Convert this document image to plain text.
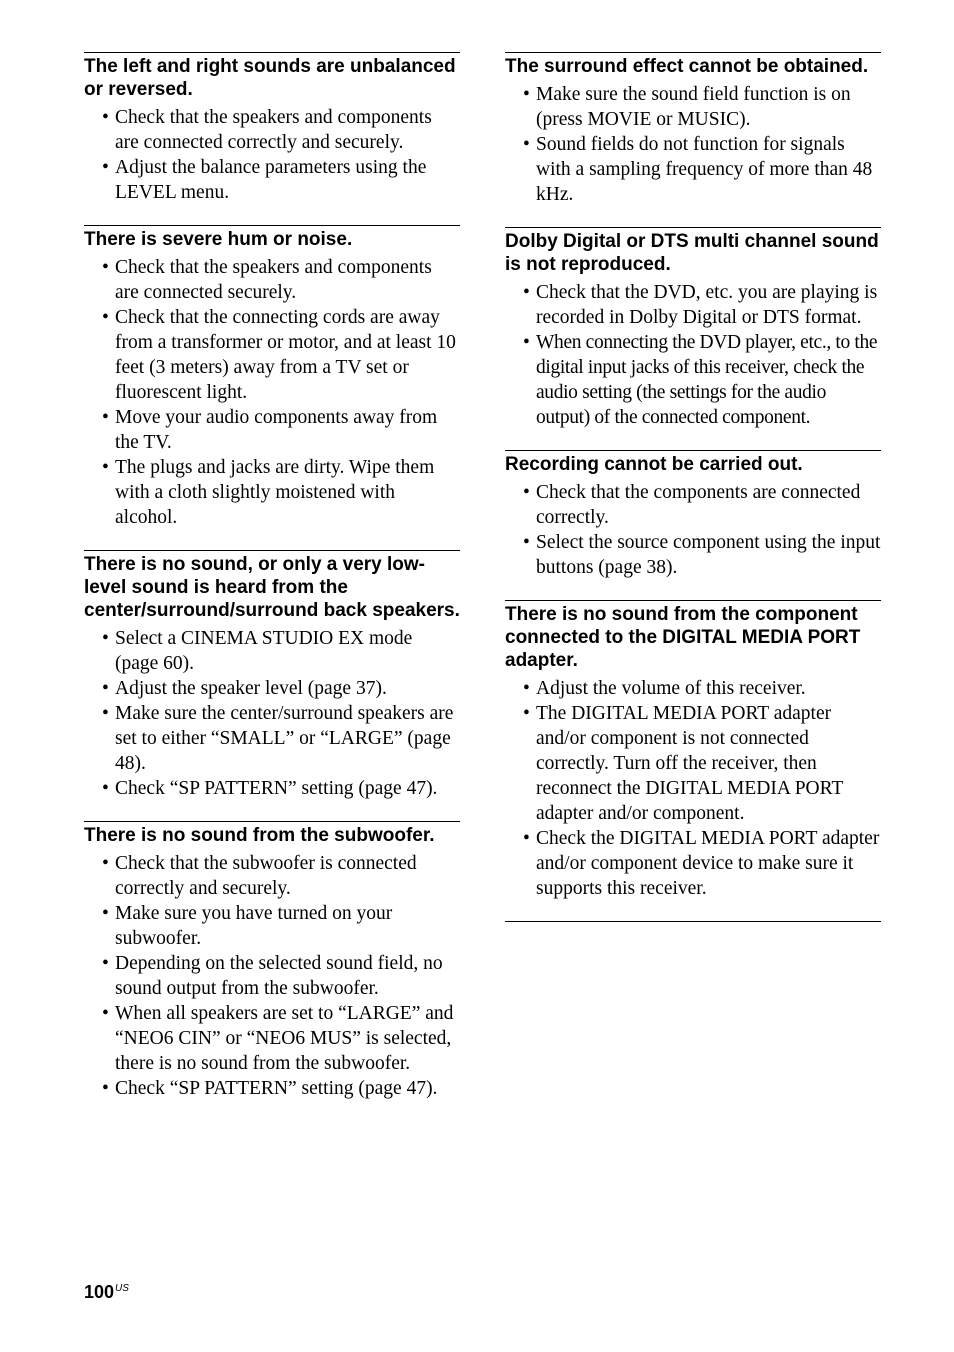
The left and right sounds are unbalanced or reversed.
• Check that the speakers and components are connected correctly and securely.
• Adjust the balance parameters using the LEVEL menu.
There is severe hum or noise.
• Check that the speakers and components are connected securely.
• Check that the connecting cords are away from a transformer or motor, and at least 10 feet (3 meters) away from a TV set or fluorescent light.
• Move your audio components away from the TV.
• The plugs and jacks are dirty. Wipe them with a cloth slightly moistened with alcohol.
There is no sound, or only a very low-level sound is heard from the center/surround/surround back speakers.
• Select a CINEMA STUDIO EX mode (page 60).
• Adjust the speaker level (page 37).
• Make sure the center/surround speakers are set to either “SMALL” or “LARGE” (page 48).
• Check “SP PATTERN” setting (page 47).
There is no sound from the subwoofer.
• Check that the subwoofer is connected correctly and securely.
• Make sure you have turned on your subwoofer.
• Depending on the selected sound field, no sound output from the subwoofer.
• When all speakers are set to “LARGE” and “NEO6 CIN” or “NEO6 MUS” is selected, there is no sound from the subwoofer.
• Check “SP PATTERN” setting (page 47).
The surround effect cannot be obtained.
• Make sure the sound field function is on (press MOVIE or MUSIC).
• Sound fields do not function for signals with a sampling frequency of more than 48 kHz.
Dolby Digital or DTS multi channel sound is not reproduced.
• Check that the DVD, etc. you are playing is recorded in Dolby Digital or DTS format.
• When connecting the DVD player, etc., to the digital input jacks of this receiver, check the audio setting (the settings for the audio output) of the connected component.
Recording cannot be carried out.
• Check that the components are connected correctly.
• Select the source component using the input buttons (page 38).
There is no sound from the component connected to the DIGITAL MEDIA PORT adapter.
• Adjust the volume of this receiver.
• The DIGITAL MEDIA PORT adapter and/or component is not connected correctly. Turn off the receiver, then reconnect the DIGITAL MEDIA PORT adapter and/or component.
• Check the DIGITAL MEDIA PORT adapter and/or component device to make sure it supports this receiver.
$100^{US}$
